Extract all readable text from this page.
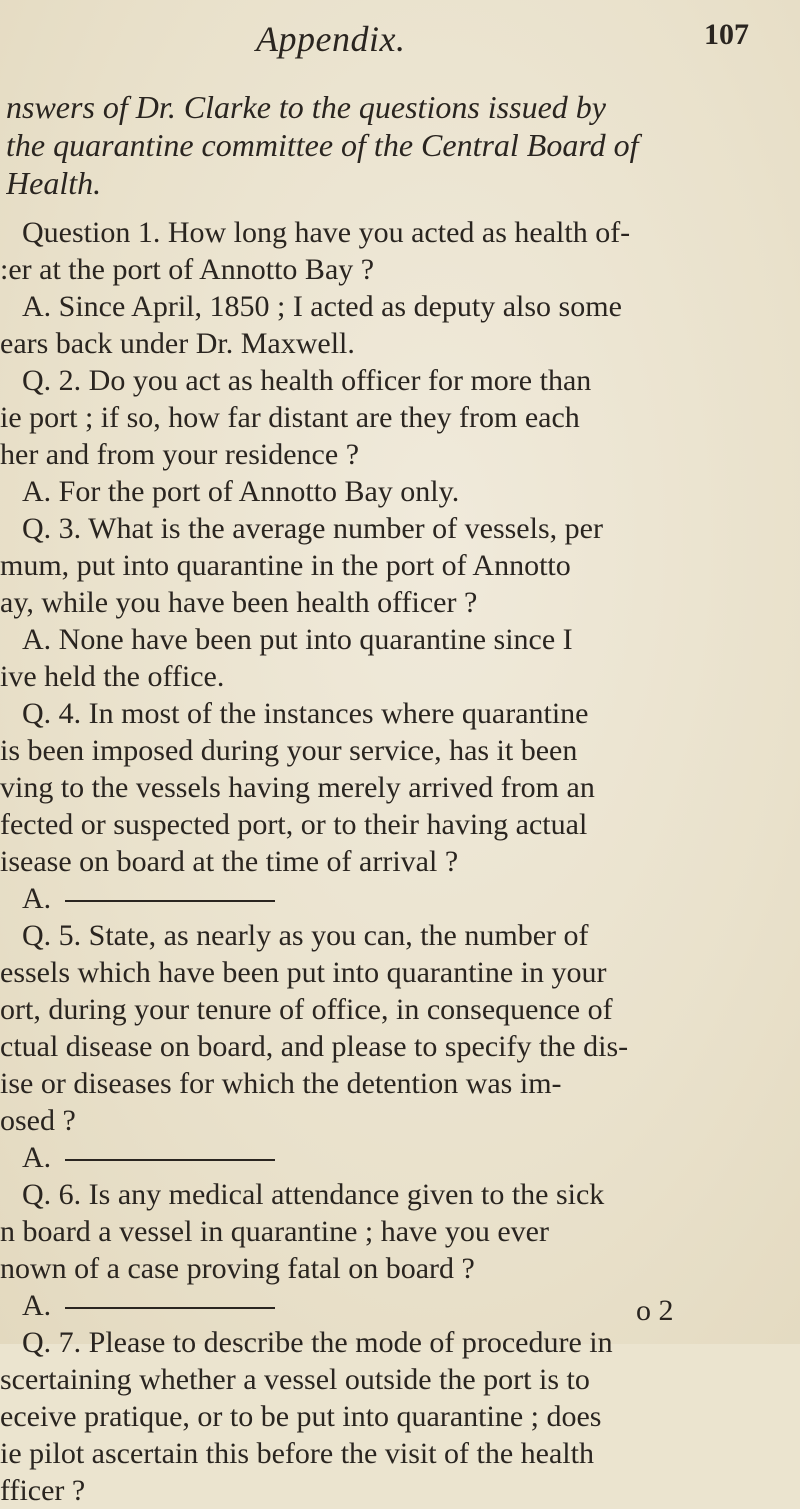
Appendix.	107
nswers of Dr. Clarke to the questions issued by
the quarantine committee of the Central Board of
Health.
Question 1. How long have you acted as health of-
:er at the port of Annotto Bay ?
A. Since April, 1850 ; I acted as deputy also some
ears back under Dr. Maxwell.
Q. 2. Do you act as health officer for more than
ie port ; if so, how far distant are they from each
her and from your residence ?
A. For the port of Annotto Bay only.
Q. 3. What is the average number of vessels, per
mum, put into quarantine in the port of Annotto
ay, while you have been health officer ?
A. None have been put into quarantine since I
ive held the office.
Q. 4. In most of the instances where quarantine
is been imposed during your service, has it been
ving to the vessels having merely arrived from an
fected or suspected port, or to their having actual
isease on board at the time of arrival ?
A.
Q. 5. State, as nearly as you can, the number of
essels which have been put into quarantine in your
ort, during your tenure of office, in consequence of
ctual disease on board, and please to specify the dis-
ise or diseases for which the detention was im-
osed ?
A.
Q. 6. Is any medical attendance given to the sick
n board a vessel in quarantine ; have you ever
nown of a case proving fatal on board ?
A.
Q. 7. Please to describe the mode of procedure in
scertaining whether a vessel outside the port is to
eceive pratique, or to be put into quarantine ; does
ie pilot ascertain this before the visit of the health
fficer ?
o 2
